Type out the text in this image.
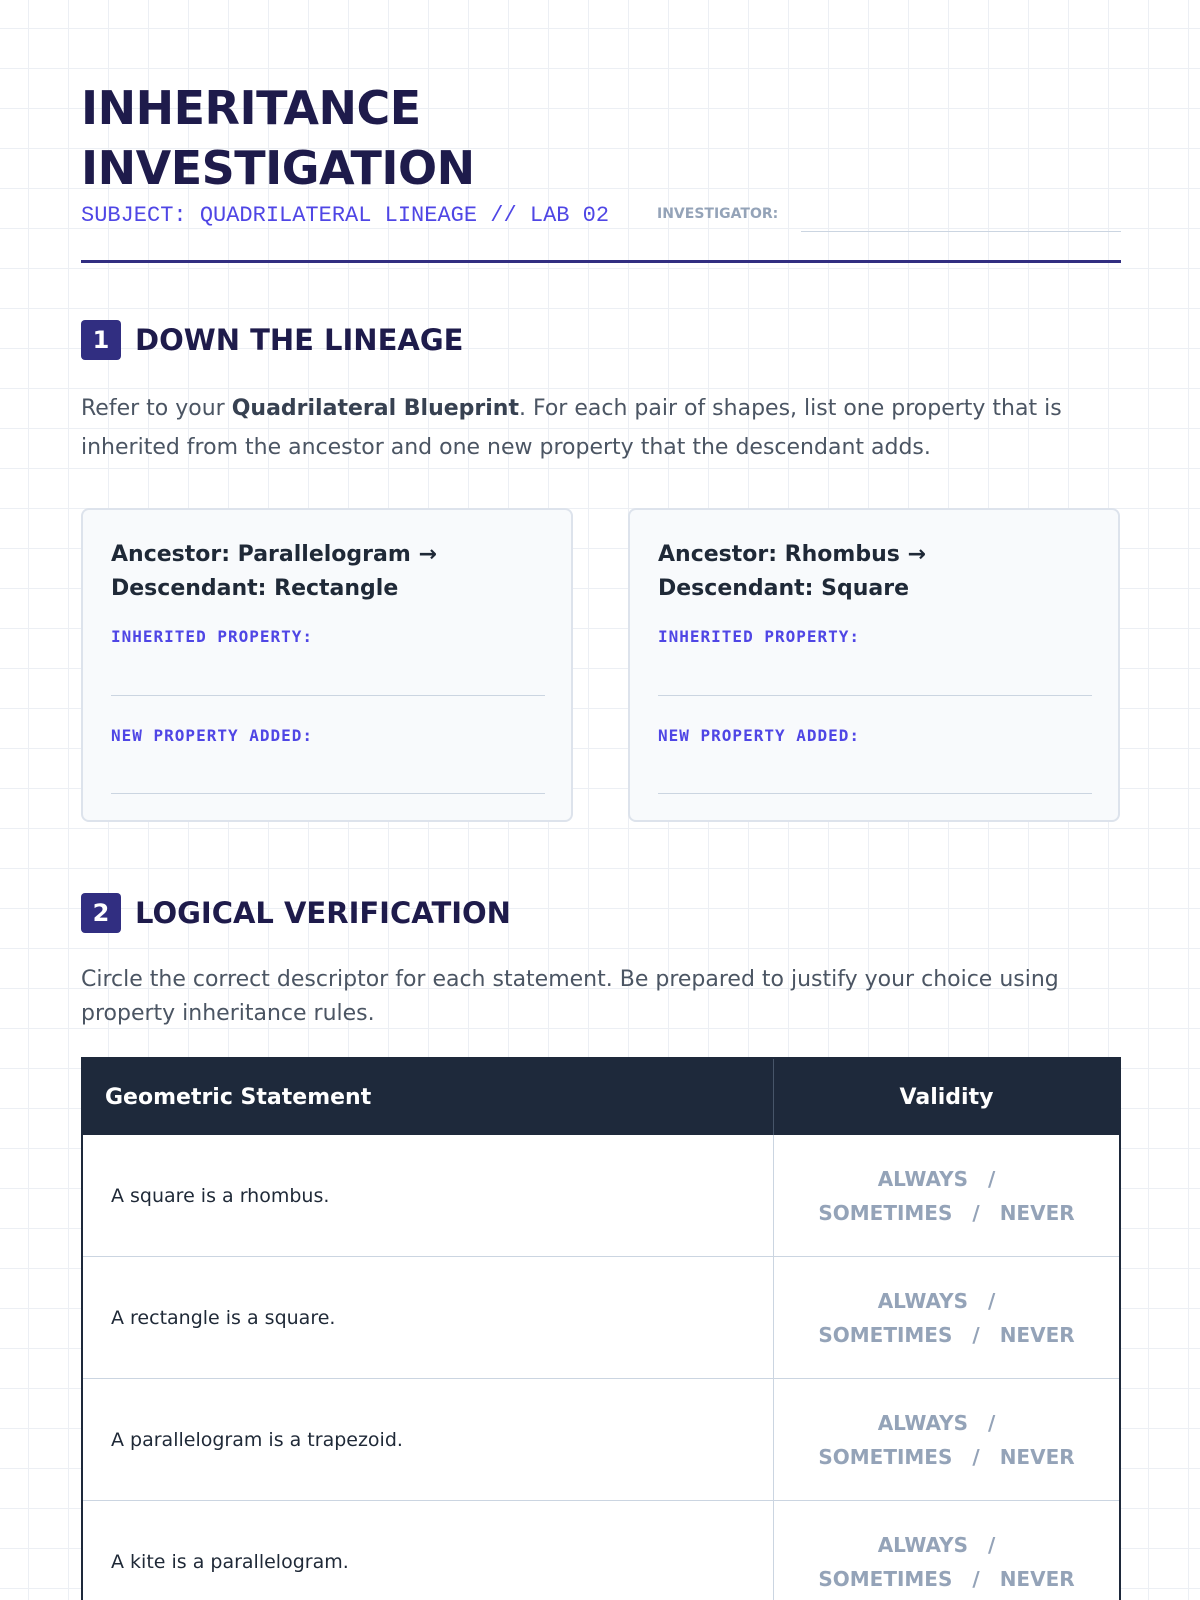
INHERITANCE
INVESTIGATION
SUBJECT: QUADRILATERAL LINEAGE // LAB 02	INVESTIGATOR:
1 DOWN THE LINEAGE

Refer to your Quadrilateral Blueprint. For each pair of shapes, list one property that is inherited from the ancestor and one new property that the descendant adds.

Ancestor: Parallelogram → Descendant: Rectangle
INHERITED PROPERTY:
NEW PROPERTY ADDED:
Ancestor: Rhombus → Descendant: Square
INHERITED PROPERTY:
NEW PROPERTY ADDED:
2 LOGICAL VERIFICATION

Circle the correct descriptor for each statement. Be prepared to justify your choice using property inheritance rules.

Geometric Statement	Validity
A square is a rhombus.
ALWAYS /
SOMETIMES / NEVER
A rectangle is a square.
ALWAYS /
SOMETIMES / NEVER
A parallelogram is a trapezoid.
ALWAYS /
SOMETIMES / NEVER
A kite is a parallelogram.
ALWAYS /
SOMETIMES / NEVER
